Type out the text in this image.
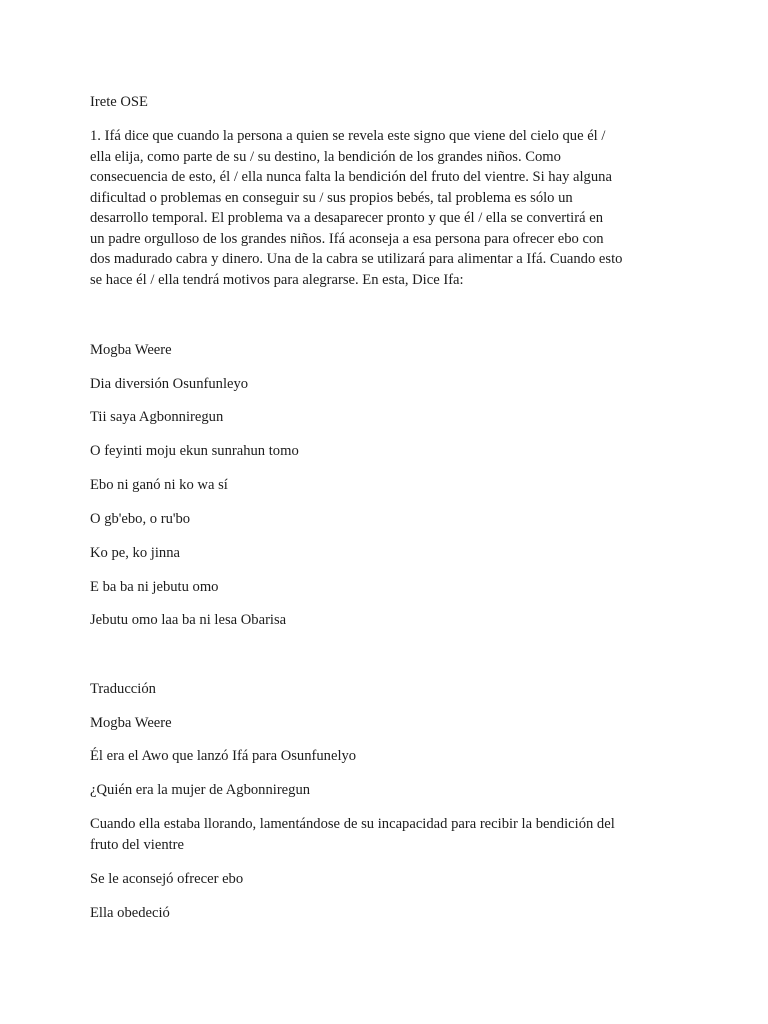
Irete OSE

1. Ifá dice que cuando la persona a quien se revela este signo que viene del cielo que él /

ella elija, como parte de su / su destino, la bendición de los grandes niños. Como

consecuencia de esto, él / ella nunca falta la bendición del fruto del vientre. Si hay alguna

dificultad o problemas en conseguir su / sus propios bebés, tal problema es sólo un

desarrollo temporal. El problema va a desaparecer pronto y que él / ella se convertirá en

un padre orgulloso de los grandes niños. Ifá aconseja a esa persona para ofrecer ebo con

dos madurado cabra y dinero. Una de la cabra se utilizará para alimentar a Ifá. Cuando esto

se hace él / ella tendrá motivos para alegrarse. En esta, Dice Ifa:

Mogba Weere

Dia diversión Osunfunleyo

Tii saya Agbonniregun

O feyinti moju ekun sunrahun tomo

Ebo ni ganó ni ko wa sí

O gb'ebo, o ru'bo

Ko pe, ko jinna

E ba ba ni jebutu omo

Jebutu omo laa ba ni lesa Obarisa

Traducción

Mogba Weere

Él era el Awo que lanzó Ifá para Osunfunelyo

¿Quién era la mujer de Agbonniregun

Cuando ella estaba llorando, lamentándose de su incapacidad para recibir la bendición del

fruto del vientre

Se le aconsejó ofrecer ebo

Ella obedeció
